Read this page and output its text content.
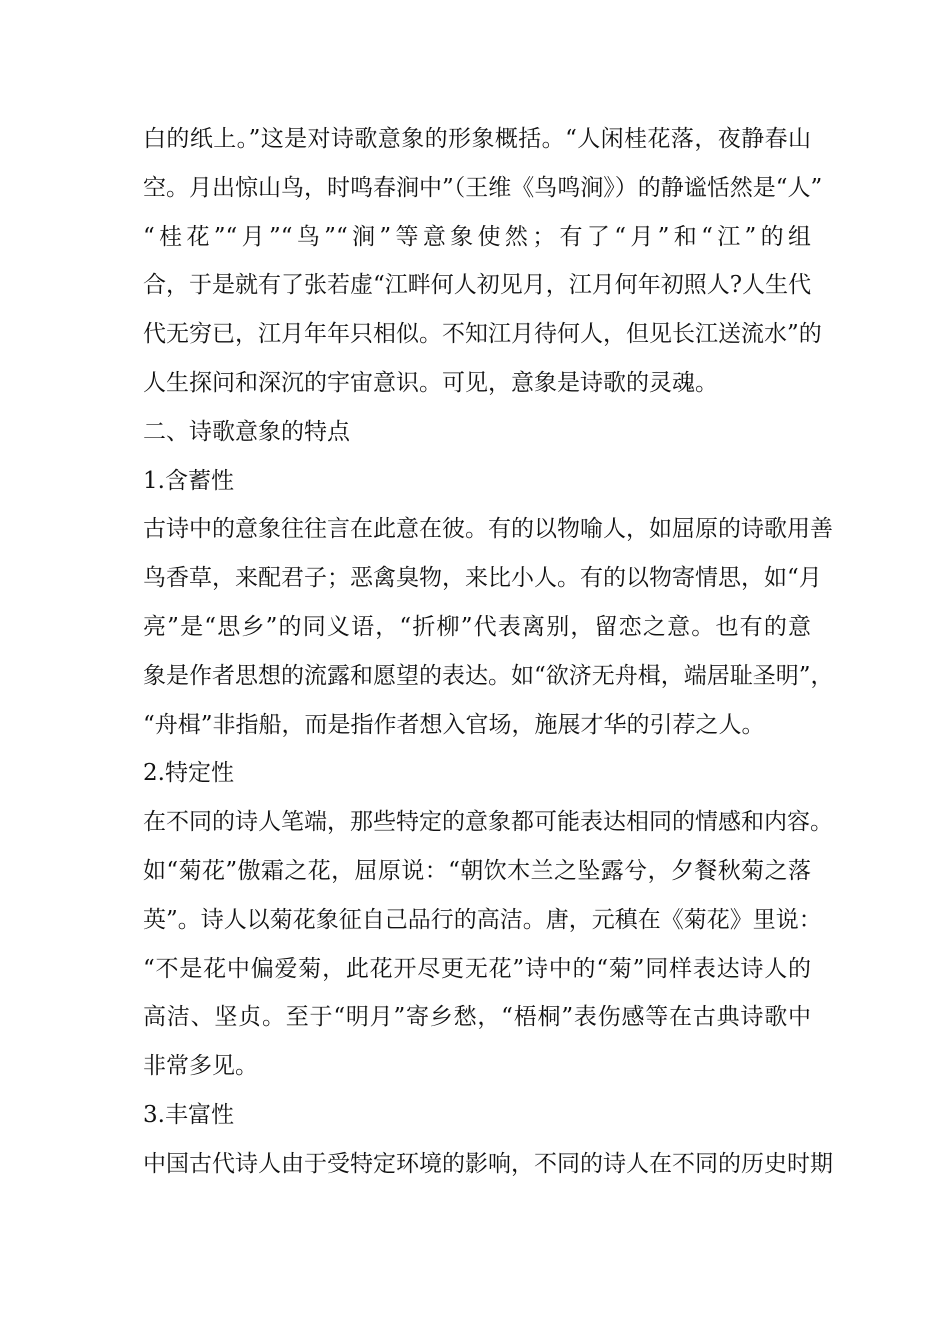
白的纸上。”这是对诗歌意象的形象概括。“人闲桂花落，夜静春山
空。月出惊山鸟，时鸣春涧中”（王维《鸟鸣涧》）的静谧恬然是“人”
“桂花”“月”“鸟”“涧”等意象使然；有了“月”和“江”的组
合，于是就有了张若虚“江畔何人初见月，江月何年初照人?人生代
代无穷已，江月年年只相似。不知江月待何人，但见长江送流水”的
人生探问和深沉的宇宙意识。可见，意象是诗歌的灵魂。
二、诗歌意象的特点
1.含蓄性
古诗中的意象往往言在此意在彼。有的以物喻人，如屈原的诗歌用善
鸟香草，来配君子；恶禽臭物，来比小人。有的以物寄情思，如“月
亮”是“思乡”的同义语，“折柳”代表离别，留恋之意。也有的意
象是作者思想的流露和愿望的表达。如“欲济无舟楫，端居耻圣明”，
“舟楫”非指船，而是指作者想入官场，施展才华的引荐之人。
2.特定性
在不同的诗人笔端，那些特定的意象都可能表达相同的情感和内容。
如“菊花”傲霜之花，屈原说：“朝饮木兰之坠露兮，夕餐秋菊之落
英”。诗人以菊花象征自己品行的高洁。唐，元稹在《菊花》里说：
“不是花中偏爱菊，此花开尽更无花”诗中的“菊”同样表达诗人的
高洁、坚贞。至于“明月”寄乡愁，“梧桐”表伤感等在古典诗歌中
非常多见。
3.丰富性
中国古代诗人由于受特定环境的影响，不同的诗人在不同的历史时期
